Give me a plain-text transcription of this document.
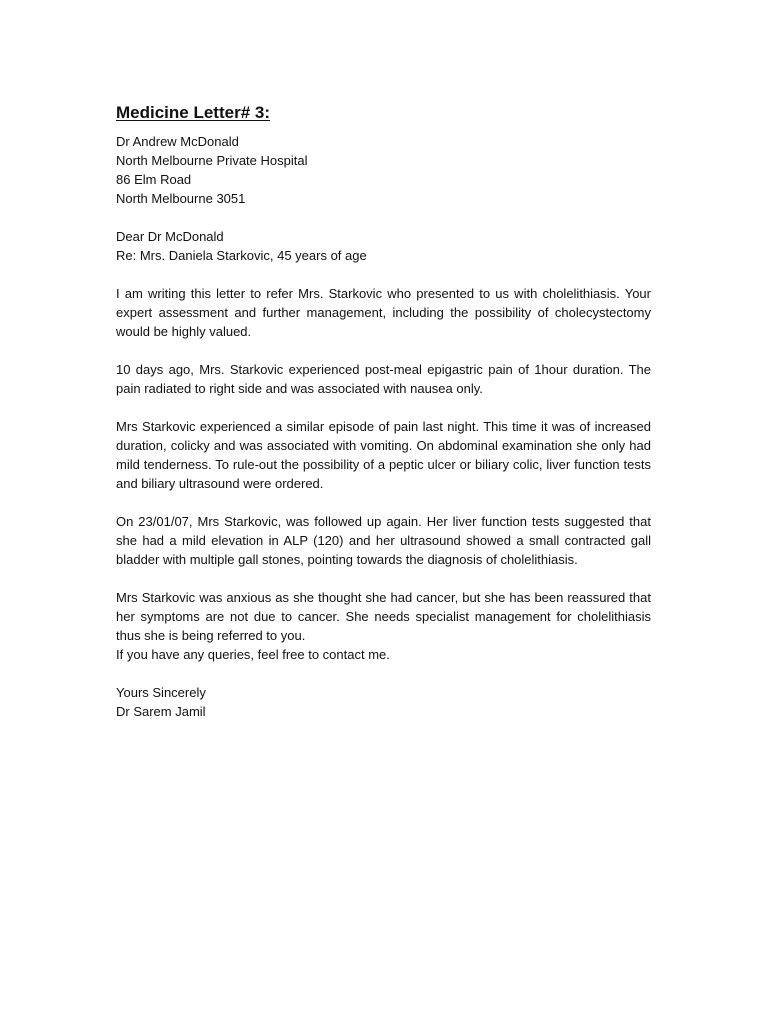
Medicine Letter# 3:
Dr Andrew McDonald
North Melbourne Private Hospital
86 Elm Road
North Melbourne 3051
Dear Dr McDonald
Re: Mrs. Daniela Starkovic, 45 years of age

I am writing this letter to refer Mrs. Starkovic who presented to us with cholelithiasis. Your expert assessment and further management, including the possibility of cholecystectomy would be highly valued.

10 days ago, Mrs. Starkovic experienced post-meal epigastric pain of 1hour duration. The pain radiated to right side and was associated with nausea only.

Mrs Starkovic experienced a similar episode of pain last night. This time it was of increased duration, colicky and was associated with vomiting. On abdominal examination she only had mild tenderness. To rule-out the possibility of a peptic ulcer or biliary colic, liver function tests and biliary ultrasound were ordered.

On 23/01/07, Mrs Starkovic, was followed up again. Her liver function tests suggested that she had a mild elevation in ALP (120) and her ultrasound showed a small contracted gall bladder with multiple gall stones, pointing towards the diagnosis of cholelithiasis.

Mrs Starkovic was anxious as she thought she had cancer, but she has been reassured that her symptoms are not due to cancer. She needs specialist management for cholelithiasis thus she is being referred to you.

If you have any queries, feel free to contact me.
Yours Sincerely
Dr Sarem Jamil
